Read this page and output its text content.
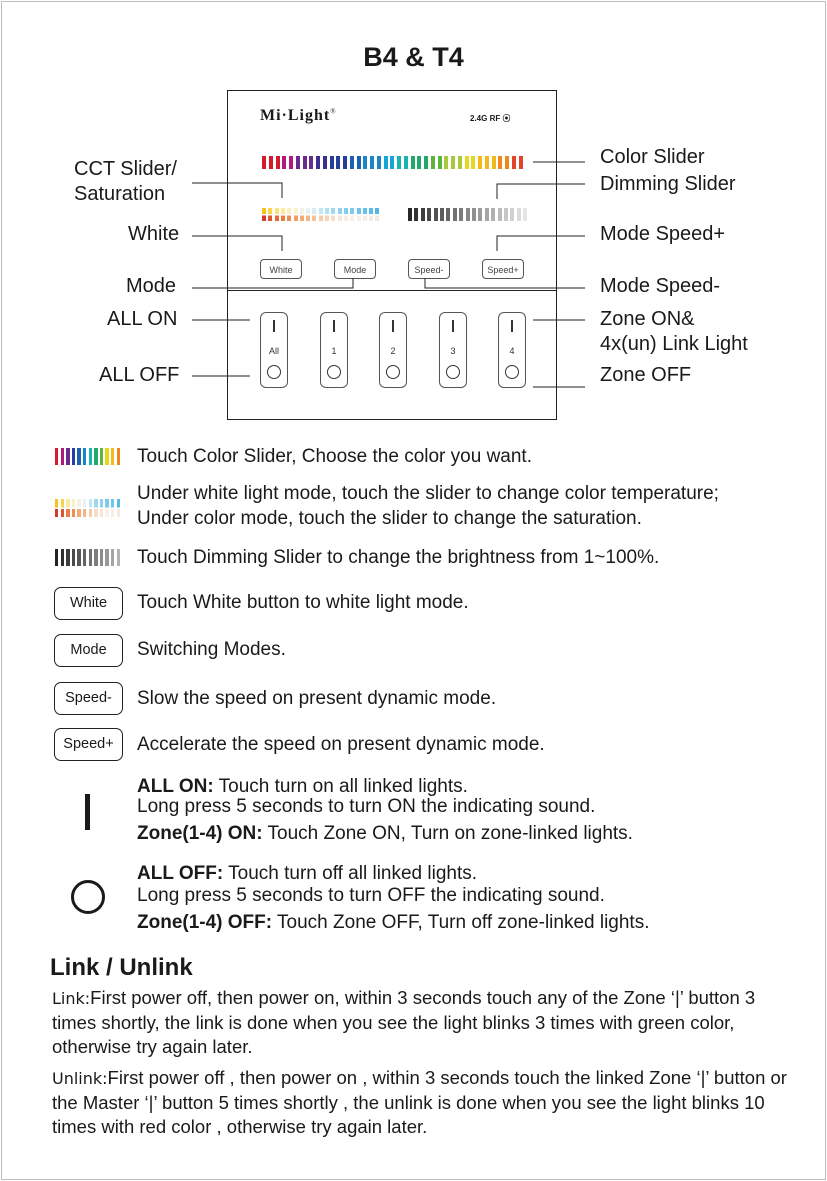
B4 & T4
Mi·Light®
2.4G RF ⦿
White	Mode	Speed-	Speed+
All	1	2	3	4
CCT Slider/
Saturation
White
Mode
ALL ON
ALL OFF
Color Slider
Dimming Slider
Mode Speed+
Mode Speed-
Zone ON&
4x(un) Link Light
Zone OFF
Touch Color Slider, Choose the color you want.
Under white light mode, touch the slider to change color temperature;
Under color mode, touch the slider to change the saturation.
Touch Dimming Slider to change the brightness from 1~100%.
White	Touch White button to white light mode.
Mode	Switching Modes.
Speed-	Slow the speed on present dynamic mode.
Speed+	Accelerate the speed on present dynamic mode.
ALL ON: Touch turn on all linked lights.
Long press 5 seconds to turn ON the indicating sound.
Zone(1-4) ON: Touch Zone ON, Turn on zone-linked lights.
ALL OFF: Touch turn off all linked lights.
Long press 5 seconds to turn OFF the indicating sound.
Zone(1-4) OFF: Touch Zone OFF, Turn off zone-linked lights.
Link / Unlink
Link:First power off, then power on, within 3 seconds touch any of the Zone ‘|’ button 3 times shortly, the link is done when you see the light blinks 3 times with green color, otherwise try again later.
Unlink:First power off , then power on , within 3 seconds touch the linked Zone ‘|’ button or the Master ‘|’ button 5 times shortly , the unlink is done when you see the light blinks 10 times with red color , otherwise try again later.
